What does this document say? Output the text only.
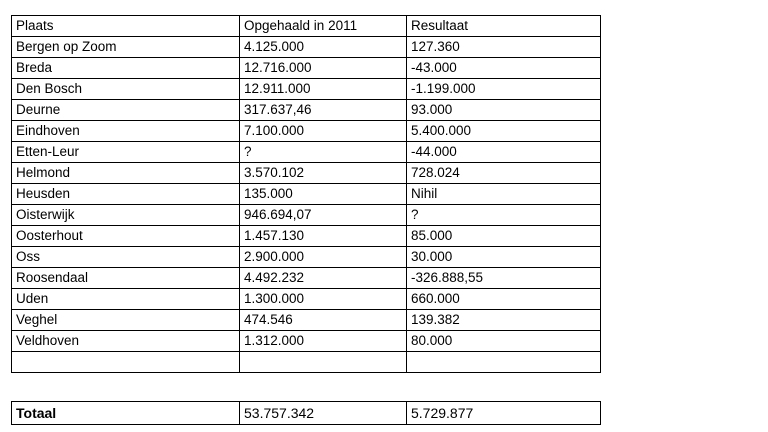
Plaats	Opgehaald in 2011	Resultaat
Bergen op Zoom	4.125.000	127.360
Breda	12.716.000	-43.000
Den Bosch	12.911.000	-1.199.000
Deurne	317.637,46	93.000
Eindhoven	7.100.000	5.400.000
Etten-Leur	?	-44.000
Helmond	3.570.102	728.024
Heusden	135.000	Nihil
Oisterwijk	946.694,07	?
Oosterhout	1.457.130	85.000
Oss	2.900.000	30.000
Roosendaal	4.492.232	-326.888,55
Uden	1.300.000	660.000
Veghel	474.546	139.382
Veldhoven	1.312.000	80.000

Totaal	53.757.342	5.729.877
